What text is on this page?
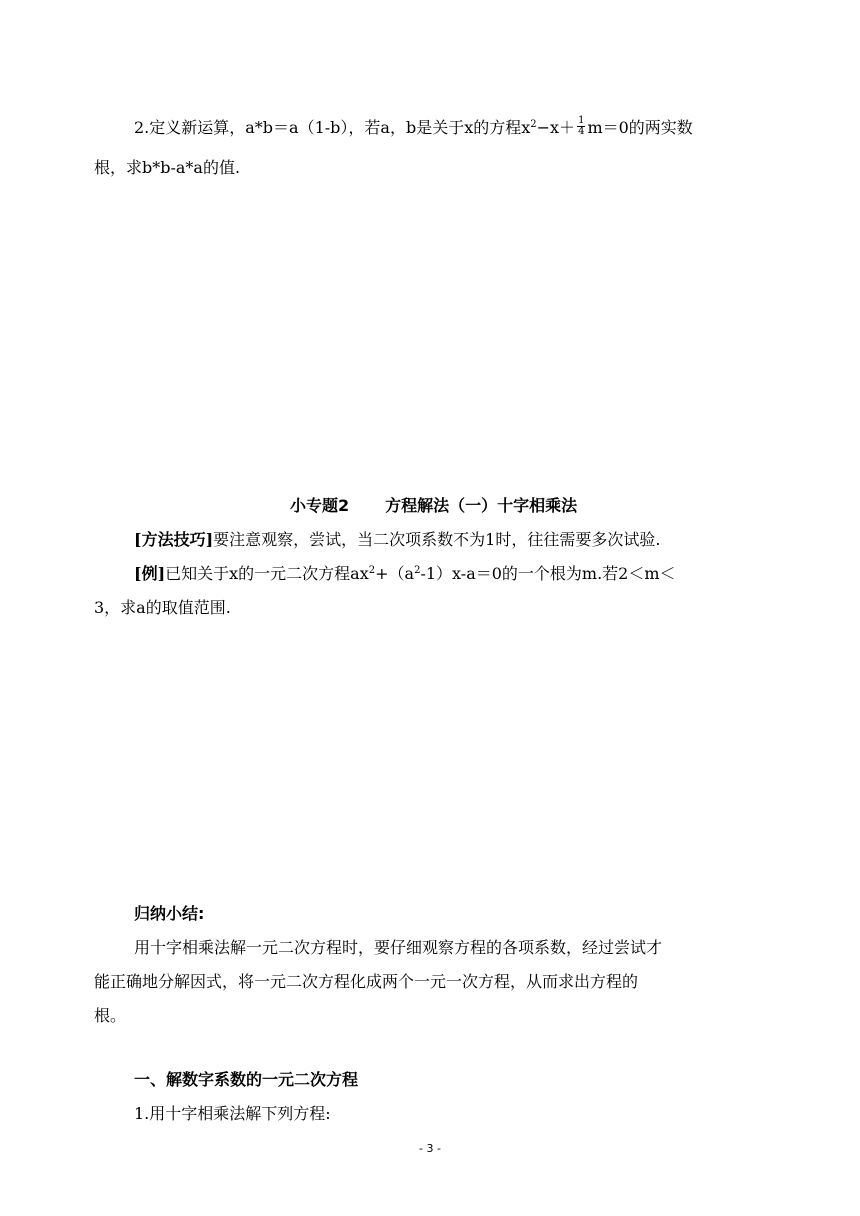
2.定义新运算，a*b＝a（1-b），若a，b是关于x的方程$x^2-x+ \frac{1}{4} m=0$的两实数
根，求b*b-a*a的值.
小专题2 方程解法（一）十字相乘法
[方法技巧]要注意观察，尝试，当二次项系数不为1时，往往需要多次试验.
[例]已知关于x的一元二次方程$ax^2+(a^2-1)x-a=0$的一个根为m.若2＜m＜
3，求a的取值范围.
归纳小结:
用十字相乘法解一元二次方程时，要仔细观察方程的各项系数，经过尝试才
能正确地分解因式，将一元二次方程化成两个一元一次方程，从而求出方程的
根。
一、解数字系数的一元二次方程
1.用十字相乘法解下列方程:
- 3 -
